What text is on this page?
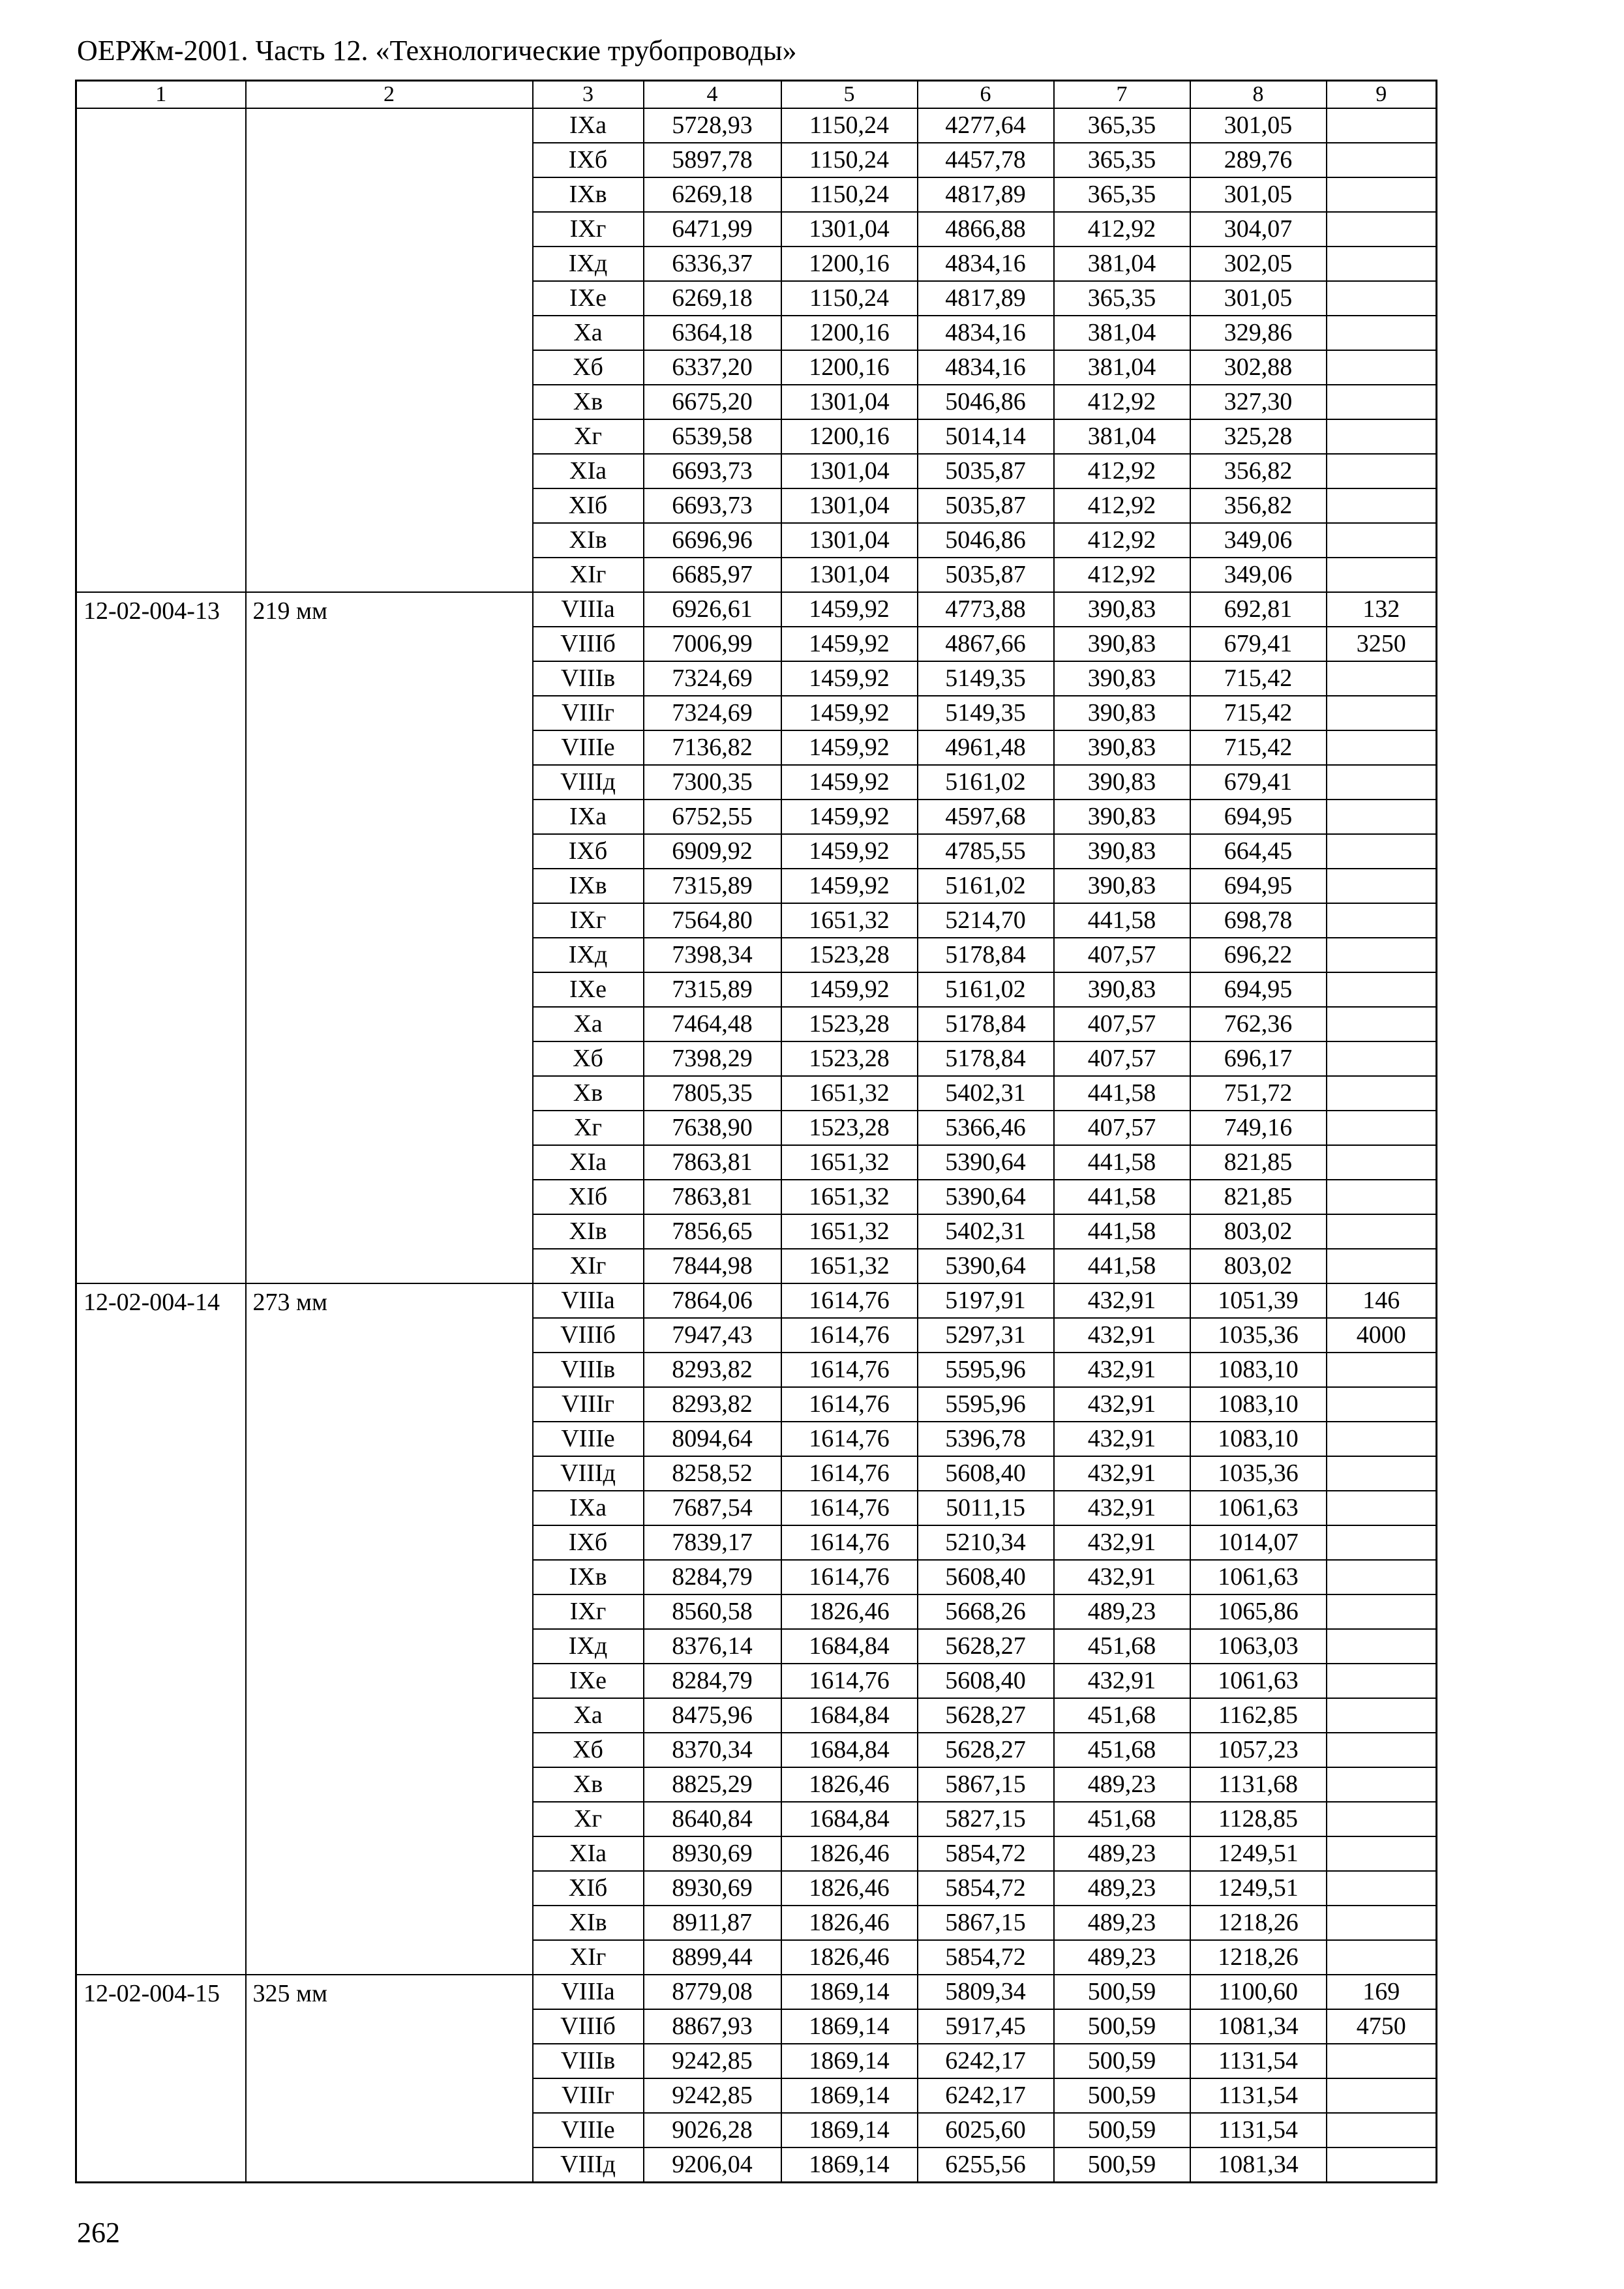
ОЕРЖм-2001. Часть 12. «Технологические трубопроводы»
1	2	3	4	5	6	7	8	9
		IXа	5728,93	1150,24	4277,64	365,35	301,05	
		IXб	5897,78	1150,24	4457,78	365,35	289,76	
		IXв	6269,18	1150,24	4817,89	365,35	301,05	
		IXг	6471,99	1301,04	4866,88	412,92	304,07	
		IXд	6336,37	1200,16	4834,16	381,04	302,05	
		IXе	6269,18	1150,24	4817,89	365,35	301,05	
		Xа	6364,18	1200,16	4834,16	381,04	329,86	
		Xб	6337,20	1200,16	4834,16	381,04	302,88	
		Xв	6675,20	1301,04	5046,86	412,92	327,30	
		Xг	6539,58	1200,16	5014,14	381,04	325,28	
		XIа	6693,73	1301,04	5035,87	412,92	356,82	
		XIб	6693,73	1301,04	5035,87	412,92	356,82	
		XIв	6696,96	1301,04	5046,86	412,92	349,06	
		XIг	6685,97	1301,04	5035,87	412,92	349,06	
12-02-004-13	219 мм	VIIIа	6926,61	1459,92	4773,88	390,83	692,81	132
		VIIIб	7006,99	1459,92	4867,66	390,83	679,41	3250
		VIIIв	7324,69	1459,92	5149,35	390,83	715,42	
		VIIIг	7324,69	1459,92	5149,35	390,83	715,42	
		VIIIе	7136,82	1459,92	4961,48	390,83	715,42	
		VIIIд	7300,35	1459,92	5161,02	390,83	679,41	
		IXа	6752,55	1459,92	4597,68	390,83	694,95	
		IXб	6909,92	1459,92	4785,55	390,83	664,45	
		IXв	7315,89	1459,92	5161,02	390,83	694,95	
		IXг	7564,80	1651,32	5214,70	441,58	698,78	
		IXд	7398,34	1523,28	5178,84	407,57	696,22	
		IXе	7315,89	1459,92	5161,02	390,83	694,95	
		Xа	7464,48	1523,28	5178,84	407,57	762,36	
		Xб	7398,29	1523,28	5178,84	407,57	696,17	
		Xв	7805,35	1651,32	5402,31	441,58	751,72	
		Xг	7638,90	1523,28	5366,46	407,57	749,16	
		XIа	7863,81	1651,32	5390,64	441,58	821,85	
		XIб	7863,81	1651,32	5390,64	441,58	821,85	
		XIв	7856,65	1651,32	5402,31	441,58	803,02	
		XIг	7844,98	1651,32	5390,64	441,58	803,02	
12-02-004-14	273 мм	VIIIа	7864,06	1614,76	5197,91	432,91	1051,39	146
		VIIIб	7947,43	1614,76	5297,31	432,91	1035,36	4000
		VIIIв	8293,82	1614,76	5595,96	432,91	1083,10	
		VIIIг	8293,82	1614,76	5595,96	432,91	1083,10	
		VIIIе	8094,64	1614,76	5396,78	432,91	1083,10	
		VIIIд	8258,52	1614,76	5608,40	432,91	1035,36	
		IXа	7687,54	1614,76	5011,15	432,91	1061,63	
		IXб	7839,17	1614,76	5210,34	432,91	1014,07	
		IXв	8284,79	1614,76	5608,40	432,91	1061,63	
		IXг	8560,58	1826,46	5668,26	489,23	1065,86	
		IXд	8376,14	1684,84	5628,27	451,68	1063,03	
		IXе	8284,79	1614,76	5608,40	432,91	1061,63	
		Xа	8475,96	1684,84	5628,27	451,68	1162,85	
		Xб	8370,34	1684,84	5628,27	451,68	1057,23	
		Xв	8825,29	1826,46	5867,15	489,23	1131,68	
		Xг	8640,84	1684,84	5827,15	451,68	1128,85	
		XIа	8930,69	1826,46	5854,72	489,23	1249,51	
		XIб	8930,69	1826,46	5854,72	489,23	1249,51	
		XIв	8911,87	1826,46	5867,15	489,23	1218,26	
		XIг	8899,44	1826,46	5854,72	489,23	1218,26	
12-02-004-15	325 мм	VIIIа	8779,08	1869,14	5809,34	500,59	1100,60	169
		VIIIб	8867,93	1869,14	5917,45	500,59	1081,34	4750
		VIIIв	9242,85	1869,14	6242,17	500,59	1131,54	
		VIIIг	9242,85	1869,14	6242,17	500,59	1131,54	
		VIIIе	9026,28	1869,14	6025,60	500,59	1131,54	
		VIIIд	9206,04	1869,14	6255,56	500,59	1081,34	
262
